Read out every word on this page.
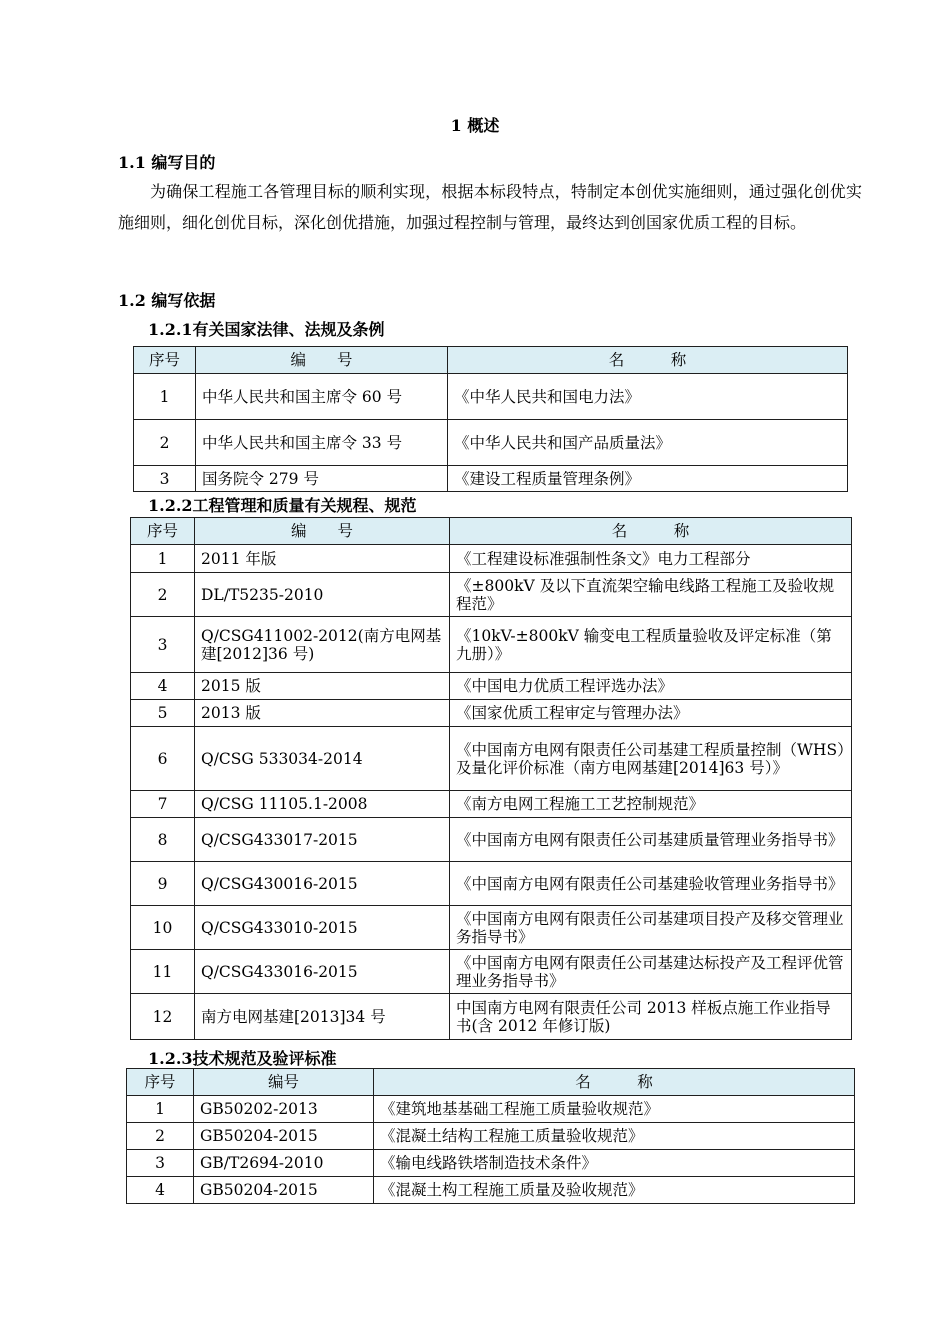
1 概述
1.1 编写目的

为确保工程施工各管理目标的顺利实现，根据本标段特点，特制定本创优实施细则，通过强化创优实施细则，细化创优目标，深化创优措施，加强过程控制与管理，最终达到创国家优质工程的目标。

1.2 编写依据
1.2.1有关国家法律、法规及条例
序号	编　　号	名　　　称
1	中华人民共和国主席令 60 号	《中华人民共和国电力法》
2	中华人民共和国主席令 33 号	《中华人民共和国产品质量法》
3	国务院令 279 号	《建设工程质量管理条例》
1.2.2工程管理和质量有关规程、规范
序号	编　　号	名　　　称
1	2011 年版	《工程建设标准强制性条文》电力工程部分
2	DL/T5235-2010	《±800kV 及以下直流架空输电线路工程施工及验收规程范》
3	Q/CSG411002-2012(南方电网基建[2012]36 号)	《10kV-±800kV 输变电工程质量验收及评定标准（第九册）》
4	2015 版	《中国电力优质工程评选办法》
5	2013 版	《国家优质工程审定与管理办法》
6	Q/CSG 533034-2014	《中国南方电网有限责任公司基建工程质量控制（WHS）及量化评价标准（南方电网基建[2014]63 号）》
7	Q/CSG 11105.1-2008	《南方电网工程施工工艺控制规范》
8	Q/CSG433017-2015	《中国南方电网有限责任公司基建质量管理业务指导书》
9	Q/CSG430016-2015	《中国南方电网有限责任公司基建验收管理业务指导书》
10	Q/CSG433010-2015	《中国南方电网有限责任公司基建项目投产及移交管理业务指导书》
11	Q/CSG433016-2015	《中国南方电网有限责任公司基建达标投产及工程评优管理业务指导书》
12	南方电网基建[2013]34 号	中国南方电网有限责任公司 2013 样板点施工作业指导书(含 2012 年修订版)
1.2.3技术规范及验评标准
序号	编号	名　　　称
1	GB50202-2013	《建筑地基基础工程施工质量验收规范》
2	GB50204-2015	《混凝土结构工程施工质量验收规范》
3	GB/T2694-2010	《输电线路铁塔制造技术条件》
4	GB50204-2015	《混凝土构工程施工质量及验收规范》
